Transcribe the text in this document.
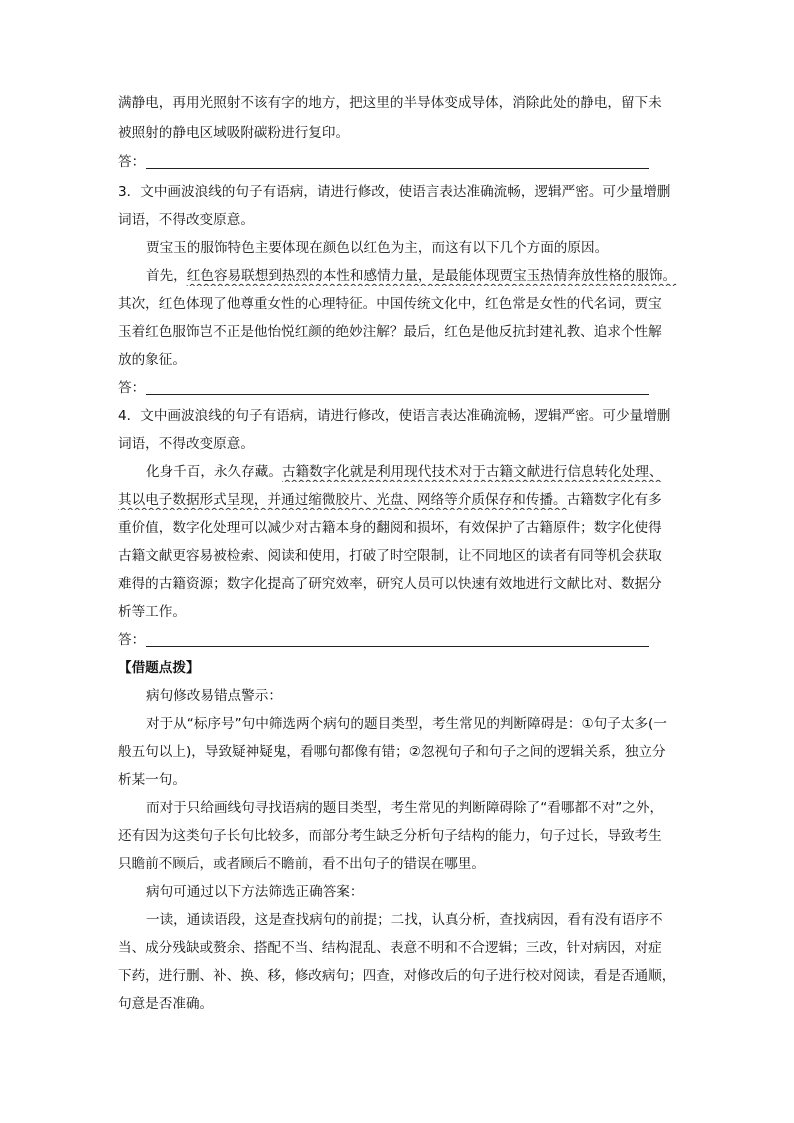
满静电，再用光照射不该有字的地方，把这里的半导体变成导体，消除此处的静电，留下未
被照射的静电区域吸附碳粉进行复印。
答：
3．文中画波浪线的句子有语病，请进行修改，使语言表达准确流畅，逻辑严密。可少量增删
词语，不得改变原意。
贾宝玉的服饰特色主要体现在颜色以红色为主，而这有以下几个方面的原因。
首先，红色容易联想到热烈的本性和感情力量，是最能体现贾宝玉热情奔放性格的服饰。
其次，红色体现了他尊重女性的心理特征。中国传统文化中，红色常是女性的代名词，贾宝
玉着红色服饰岂不正是他怡悦红颜的绝妙注解？最后，红色是他反抗封建礼教、追求个性解
放的象征。
答：
4．文中画波浪线的句子有语病，请进行修改，使语言表达准确流畅，逻辑严密。可少量增删
词语，不得改变原意。
化身千百，永久存藏。古籍数字化就是利用现代技术对于古籍文献进行信息转化处理、
其以电子数据形式呈现，并通过缩微胶片、光盘、网络等介质保存和传播。古籍数字化有多
重价值，数字化处理可以减少对古籍本身的翻阅和损坏，有效保护了古籍原件；数字化使得
古籍文献更容易被检索、阅读和使用，打破了时空限制，让不同地区的读者有同等机会获取
难得的古籍资源；数字化提高了研究效率，研究人员可以快速有效地进行文献比对、数据分
析等工作。
答：
【借题点拨】
病句修改易错点警示：
对于从“标序号”句中筛选两个病句的题目类型，考生常见的判断障碍是：①句子太多(一
般五句以上)，导致疑神疑鬼，看哪句都像有错；②忽视句子和句子之间的逻辑关系，独立分
析某一句。
而对于只给画线句寻找语病的题目类型，考生常见的判断障碍除了“看哪都不对”之外，
还有因为这类句子长句比较多，而部分考生缺乏分析句子结构的能力，句子过长，导致考生
只瞻前不顾后，或者顾后不瞻前，看不出句子的错误在哪里。
病句可通过以下方法筛选正确答案：
一读，通读语段，这是查找病句的前提；二找，认真分析，查找病因，看有没有语序不
当、成分残缺或赘余、搭配不当、结构混乱、表意不明和不合逻辑；三改，针对病因，对症
下药，进行删、补、换、移，修改病句；四查，对修改后的句子进行校对阅读，看是否通顺，
句意是否准确。
